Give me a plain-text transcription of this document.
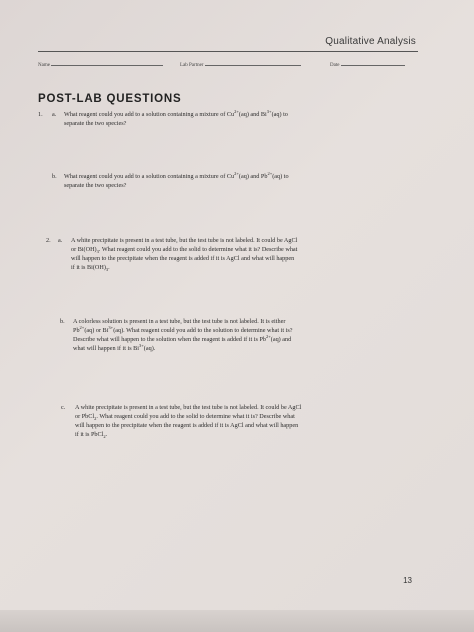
Qualitative Analysis
Name	Lab Partner	Date
POST-LAB QUESTIONS
1. a. What reagent could you add to a solution containing a mixture of $Cu^{2+}(aq)$ and $Bi^{3+}(aq)$ to
separate the two species?
b. What reagent could you add to a solution containing a mixture of $Cu^{2+}(aq)$ and $Pb^{2+}(aq)$ to
separate the two species?
2. a. A white precipitate is present in a test tube, but the test tube is not labeled. It could be AgCl
or $Bi(OH)_3$. What reagent could you add to the solid to determine what it is? Describe what
will happen to the precipitate when the reagent is added if it is AgCl and what will happen
if it is $Bi(OH)_3$.
b. A colorless solution is present in a test tube, but the test tube is not labeled. It is either
$Pb^{2+}(aq)$ or $Bi^{3+}(aq)$. What reagent could you add to the solution to determine what it is?
Describe what will happen to the solution when the reagent is added if it is $Pb^{2+}(aq)$ and
what will happen if it is $Bi^{3+}(aq)$.
c. A white precipitate is present in a test tube, but the test tube is not labeled. It could be AgCl
or PbCl$_2$. What reagent could you add to the solid to determine what it is? Describe what
will happen to the precipitate when the reagent is added if it is AgCl and what will happen
if it is PbCl$_2$.
13
